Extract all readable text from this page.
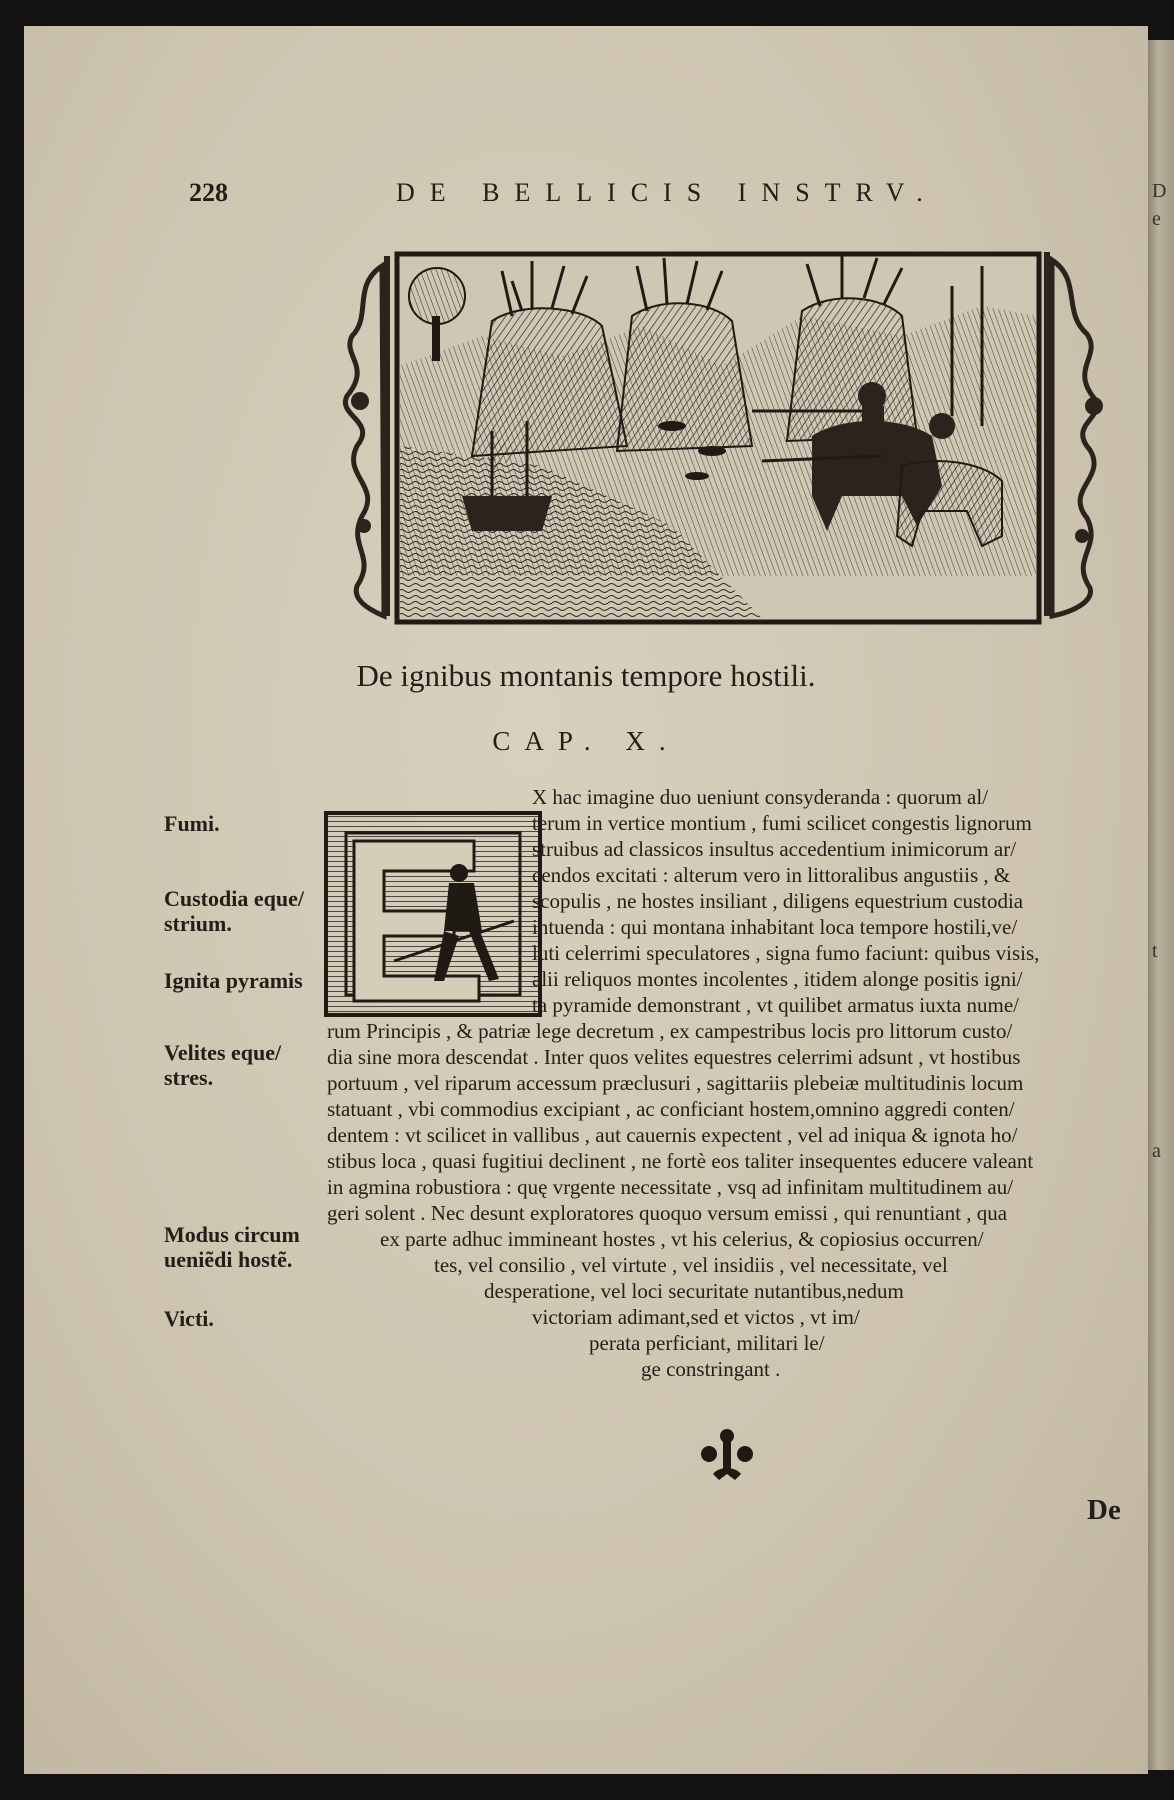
228	DE BELLICIS INSTRV.
De ignibus montanis tempore hostili.
CAP. X.
Fumi.
Custodia eque/ strium.
Ignita pyramis
Velites eque/ stres.
Modus circum ueniẽdi hostẽ.
Victi.
X hac imagine duo ueniunt consyderanda : quorum al/
terum in vertice montium , fumi scilicet congestis lignorum
struibus ad classicos insultus accedentium inimicorum ar/
cendos excitati : alterum vero in littoralibus angustiis , &
scopulis , ne hostes insiliant , diligens equestrium custodia
intuenda : qui montana inhabitant loca tempore hostili,ve/
luti celerrimi speculatores , signa fumo faciunt: quibus visis,
alii reliquos montes incolentes , itidem alonge positis igni/
ta pyramide demonstrant , vt quilibet armatus iuxta nume/
rum Principis , & patriæ lege decretum , ex campestribus locis pro littorum custo/
dia sine mora descendat . Inter quos velites equestres celerrimi adsunt , vt hostibus
portuum , vel riparum accessum præclusuri , sagittariis plebeiæ multitudinis locum
statuant , vbi commodius excipiant , ac conficiant hostem,omnino aggredi conten/
dentem : vt scilicet in vallibus , aut cauernis expectent , vel ad iniqua & ignota ho/
stibus loca , quasi fugitiui declinent , ne fortè eos taliter insequentes educere valeant
in agmina robustiora : quę vrgente necessitate , vsq ad infinitam multitudinem au/
geri solent . Nec desunt exploratores quoquo versum emissi , qui renuntiant , qua
ex parte adhuc immineant hostes , vt his celerius, & copiosius occurren/
tes, vel consilio , vel virtute , vel insidiis , vel necessitate, vel
desperatione, vel loci securitate nutantibus,nedum
victoriam adimant,sed et victos , vt im/
perata perficiant, militari le/
ge constringant .
De
D
e
t
a
